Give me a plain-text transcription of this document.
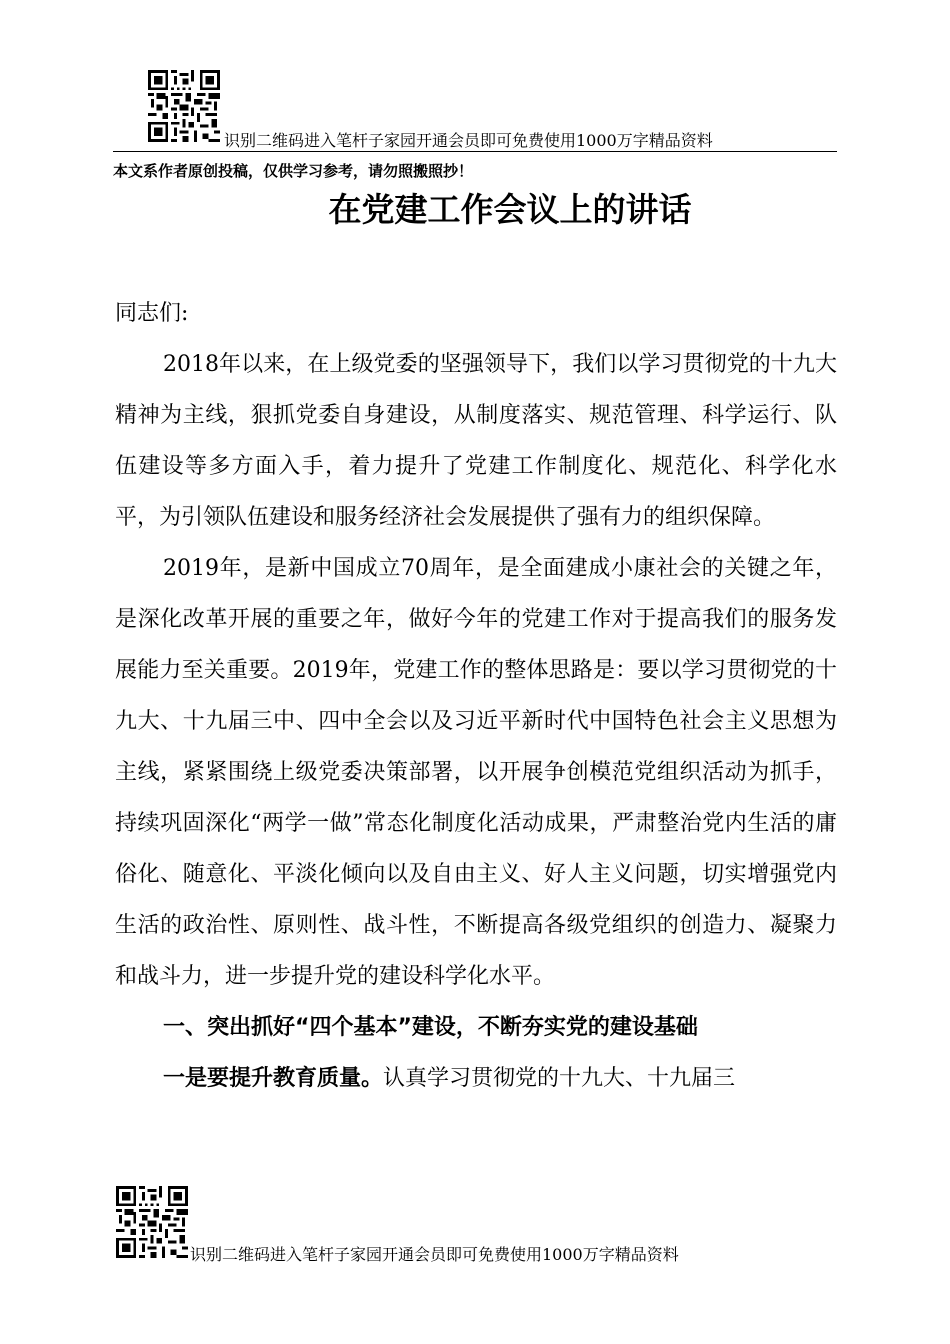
识别二维码进入笔杆子家园开通会员即可免费使用1000万字精品资料
本文系作者原创投稿，仅供学习参考，请勿照搬照抄！
在党建工作会议上的讲话

同志们:

2018年以来，在上级党委的坚强领导下，我们以学习贯彻党的十九大精神为主线，狠抓党委自身建设，从制度落实、规范管理、科学运行、队伍建设等多方面入手，着力提升了党建工作制度化、规范化、科学化水平，为引领队伍建设和服务经济社会发展提供了强有力的组织保障。

2019年，是新中国成立70周年，是全面建成小康社会的关键之年，是深化改革开展的重要之年，做好今年的党建工作对于提高我们的服务发展能力至关重要。2019年，党建工作的整体思路是：要以学习贯彻党的十九大、十九届三中、四中全会以及习近平新时代中国特色社会主义思想为主线，紧紧围绕上级党委决策部署，以开展争创模范党组织活动为抓手，持续巩固深化“两学一做”常态化制度化活动成果，严肃整治党内生活的庸俗化、随意化、平淡化倾向以及自由主义、好人主义问题，切实增强党内生活的政治性、原则性、战斗性，不断提高各级党组织的创造力、凝聚力和战斗力，进一步提升党的建设科学化水平。

一、突出抓好“四个基本”建设，不断夯实党的建设基础

一是要提升教育质量。认真学习贯彻党的十九大、十九届三

识别二维码进入笔杆子家园开通会员即可免费使用1000万字精品资料
